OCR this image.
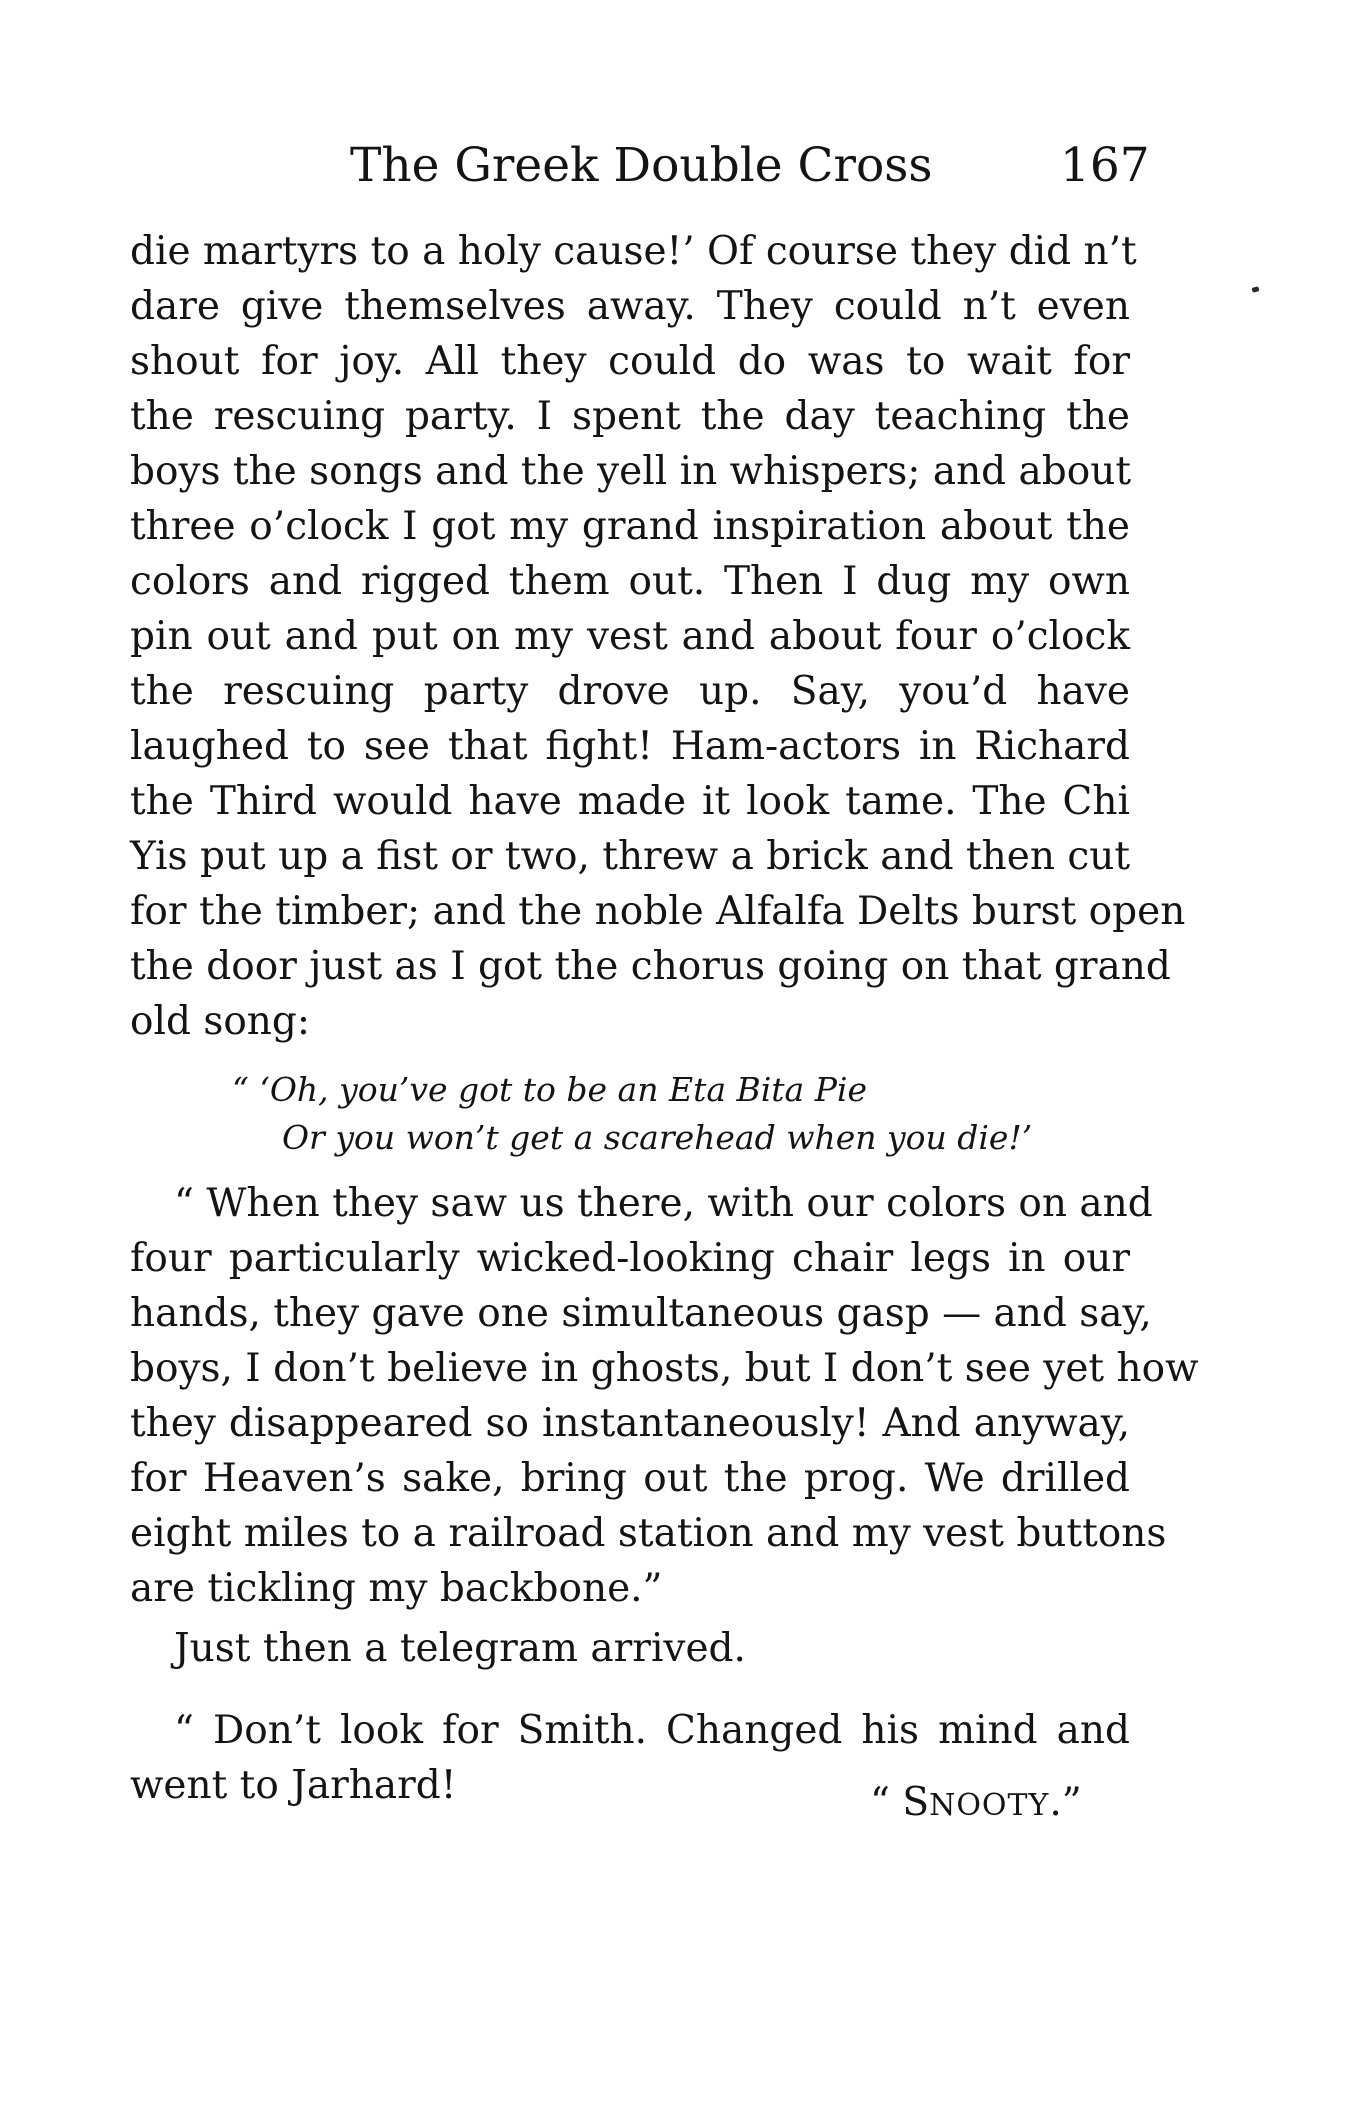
The Greek Double Cross	167
die martyrs to a holy cause!’ Of course they did n’t
dare give themselves away. They could n’t even
shout for joy. All they could do was to wait for
the rescuing party. I spent the day teaching the
boys the songs and the yell in whispers; and about
three o’clock I got my grand inspiration about the
colors and rigged them out. Then I dug my own
pin out and put on my vest and about four o’clock
the rescuing party drove up. Say, you’d have
laughed to see that fight! Ham-actors in Richard
the Third would have made it look tame. The Chi
Yis put up a fist or two, threw a brick and then cut
for the timber; and the noble Alfalfa Delts burst open
the door just as I got the chorus going on that grand
old song:
“ ‘Oh, you’ve got to be an Eta Bita Pie
Or you won’t get a scarehead when you die!’
“ When they saw us there, with our colors on and
four particularly wicked-looking chair legs in our
hands, they gave one simultaneous gasp — and say,
boys, I don’t believe in ghosts, but I don’t see yet how
they disappeared so instantaneously! And anyway,
for Heaven’s sake, bring out the prog. We drilled
eight miles to a railroad station and my vest buttons
are tickling my backbone.”
Just then a telegram arrived.
“ Don’t look for Smith. Changed his mind and
went to Jarhard!	“ SNOOTY.”
